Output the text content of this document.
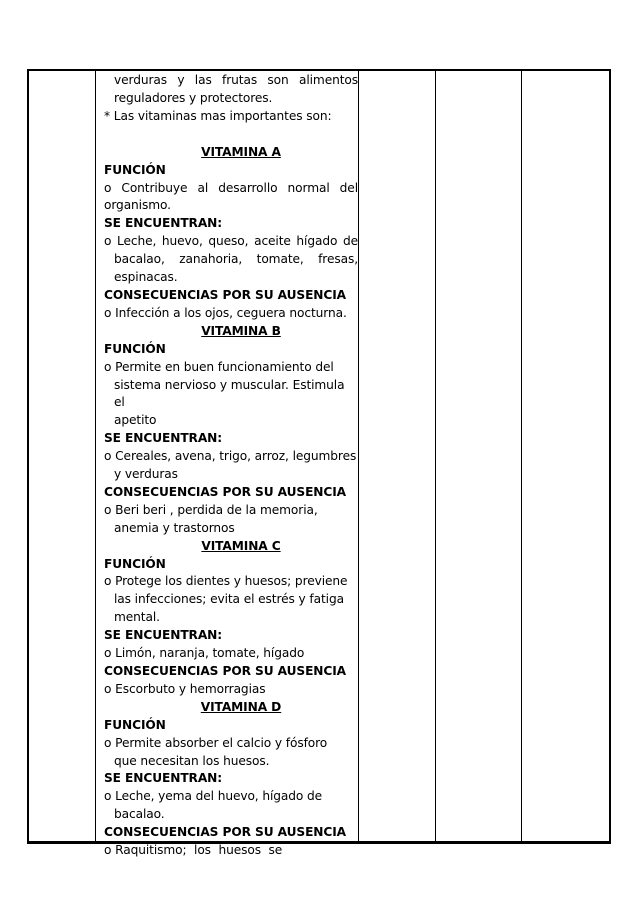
verduras y las frutas son alimentos

reguladores y protectores.

* Las vitaminas mas importantes son:

VITAMINA A

FUNCIÓN

o Contribuye al desarrollo normal del

organismo.

SE ENCUENTRAN:

o Leche, huevo, queso, aceite hígado de

bacalao, zanahoria, tomate, fresas,

espinacas.

CONSECUENCIAS POR SU AUSENCIA

o Infección a los ojos, ceguera nocturna.

VITAMINA B

FUNCIÓN

o Permite en buen funcionamiento del

sistema nervioso y muscular. Estimula el

apetito

SE ENCUENTRAN:

o Cereales, avena, trigo, arroz, legumbres

y verduras

CONSECUENCIAS POR SU AUSENCIA

o Beri beri , perdida de la memoria,

anemia y trastornos

VITAMINA C

FUNCIÓN

o Protege los dientes y huesos; previene

las infecciones; evita el estrés y fatiga

mental.

SE ENCUENTRAN:

o Limón, naranja, tomate, hígado

CONSECUENCIAS POR SU AUSENCIA

o Escorbuto y hemorragias

VITAMINA D

FUNCIÓN

o Permite absorber el calcio y fósforo

que necesitan los huesos.

SE ENCUENTRAN:

o Leche, yema del huevo, hígado de

bacalao.

CONSECUENCIAS POR SU AUSENCIA

o Raquitismo;  los  huesos  se
